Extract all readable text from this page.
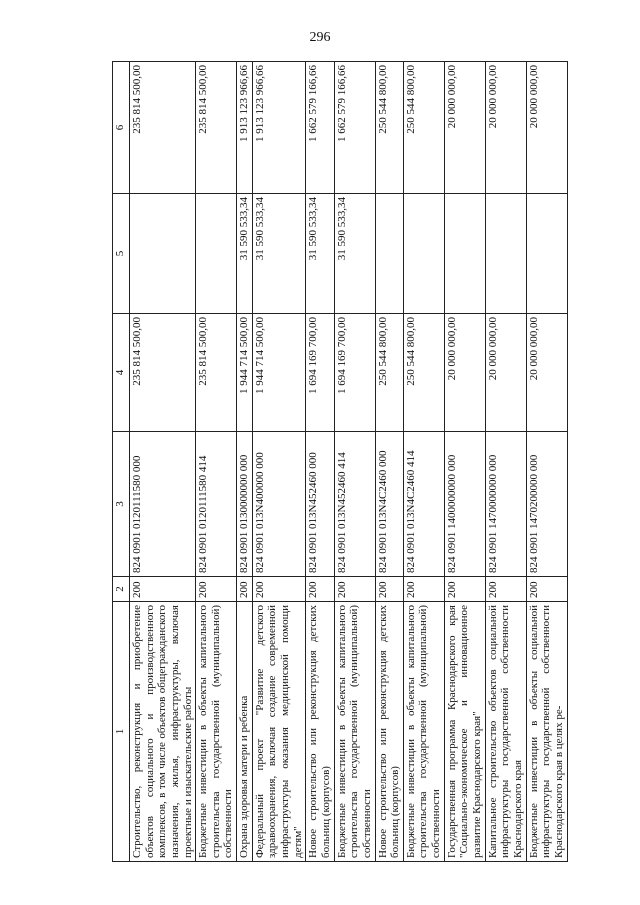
296
1	2	3	4	5	6
Строительство, реконструкция и приобретение объектов социального и производственного комплексов, в том числе объектов общегражданского назначения, жилья, инфраструктуры, включая проектные и изыскательские работы	200	824 0901 0120111580 000	235 814 500,00		235 814 500,00
Бюджетные инвестиции в объекты капитального строительства государственной (муниципальной) собственности	200	824 0901 0120111580 414	235 814 500,00		235 814 500,00
Охрана здоровья матери и ребенка	200	824 0901 0130000000 000	1 944 714 500,00	31 590 533,34	1 913 123 966,66
Федеральный проект "Развитие детского здравоохранения, включая создание современной инфраструктуры оказания медицинской помощи детям"	200	824 0901 013N400000 000	1 944 714 500,00	31 590 533,34	1 913 123 966,66
Новое строительство или реконструкция детских больниц (корпусов)	200	824 0901 013N452460 000	1 694 169 700,00	31 590 533,34	1 662 579 166,66
Бюджетные инвестиции в объекты капитального строительства государственной (муниципальной) собственности	200	824 0901 013N452460 414	1 694 169 700,00	31 590 533,34	1 662 579 166,66
Новое строительство или реконструкция детских больниц (корпусов)	200	824 0901 013N4C2460 000	250 544 800,00		250 544 800,00
Бюджетные инвестиции в объекты капитального строительства государственной (муниципальной) собственности	200	824 0901 013N4C2460 414	250 544 800,00		250 544 800,00
Государственная программа Краснодарского края "Социально-экономическое и инновационное развитие Краснодарского края"	200	824 0901 1400000000 000	20 000 000,00		20 000 000,00
Капитальное строительство объектов социальной инфраструктуры государственной собственности Краснодарского края	200	824 0901 1470000000 000	20 000 000,00		20 000 000,00
Бюджетные инвестиции в объекты социальной инфраструктуры государственной собственности Краснодарского края в целях ре-	200	824 0901 1470200000 000	20 000 000,00		20 000 000,00
